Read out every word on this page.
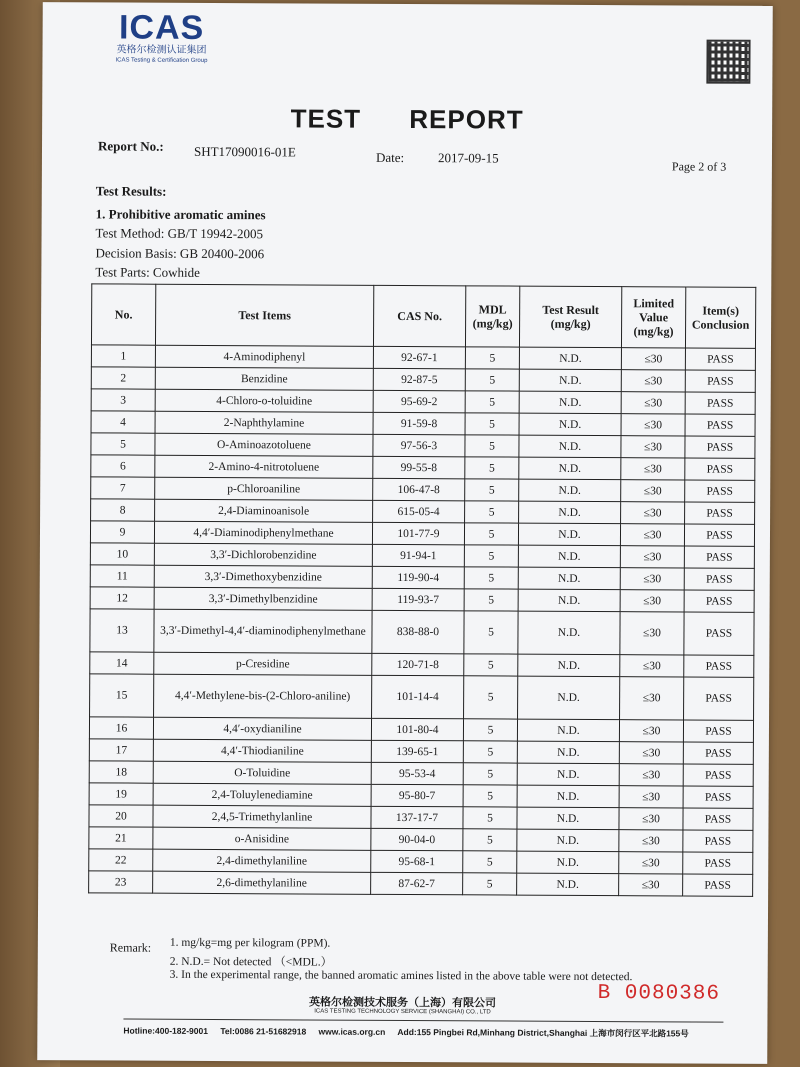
ICAS
英格尔检测认证集团
ICAS Testing & Certification Group
TEST REPORT
Report No.: SHT17090016-01E	Date:	2017-09-15
Page 2 of 3
Test Results:
1. Prohibitive aromatic amines
Test Method: GB/T 19942-2005
Decision Basis: GB 20400-2006
Test Parts: Cowhide
No.	Test Items	CAS No.	MDL (mg/kg)	Test Result (mg/kg)	Limited Value (mg/kg)	Item(s) Conclusion
1	4-Aminodiphenyl	92-67-1	5	N.D.	≤30	PASS
2	Benzidine	92-87-5	5	N.D.	≤30	PASS
3	4-Chloro-o-toluidine	95-69-2	5	N.D.	≤30	PASS
4	2-Naphthylamine	91-59-8	5	N.D.	≤30	PASS
5	O-Aminoazotoluene	97-56-3	5	N.D.	≤30	PASS
6	2-Amino-4-nitrotoluene	99-55-8	5	N.D.	≤30	PASS
7	p-Chloroaniline	106-47-8	5	N.D.	≤30	PASS
8	2,4-Diaminoanisole	615-05-4	5	N.D.	≤30	PASS
9	4,4′-Diaminodiphenylmethane	101-77-9	5	N.D.	≤30	PASS
10	3,3′-Dichlorobenzidine	91-94-1	5	N.D.	≤30	PASS
11	3,3′-Dimethoxybenzidine	119-90-4	5	N.D.	≤30	PASS
12	3,3′-Dimethylbenzidine	119-93-7	5	N.D.	≤30	PASS
13	3,3′-Dimethyl-4,4′-diaminodiphenylmethane	838-88-0	5	N.D.	≤30	PASS
14	p-Cresidine	120-71-8	5	N.D.	≤30	PASS
15	4,4′-Methylene-bis-(2-Chloro-aniline)	101-14-4	5	N.D.	≤30	PASS
16	4,4′-oxydianiline	101-80-4	5	N.D.	≤30	PASS
17	4,4′-Thiodianiline	139-65-1	5	N.D.	≤30	PASS
18	O-Toluidine	95-53-4	5	N.D.	≤30	PASS
19	2,4-Toluylenediamine	95-80-7	5	N.D.	≤30	PASS
20	2,4,5-Trimethylanline	137-17-7	5	N.D.	≤30	PASS
21	o-Anisidine	90-04-0	5	N.D.	≤30	PASS
22	2,4-dimethylaniline	95-68-1	5	N.D.	≤30	PASS
23	2,6-dimethylaniline	87-62-7	5	N.D.	≤30	PASS
Remark: 1. mg/kg=mg per kilogram (PPM).
2. N.D.= Not detected （<MDL.）
3. In the experimental range, the banned aromatic amines listed in the above table were not detected.
B 0080386
英格尔检测技术服务（上海）有限公司
ICAS TESTING TECHNOLOGY SERVICE (SHANGHAI) CO., LTD
Hotline:400-182-9001 Tel:0086 21-51682918 www.icas.org.cn Add:155 Pingbei Rd,Minhang District,Shanghai 上海市闵行区平北路155号
